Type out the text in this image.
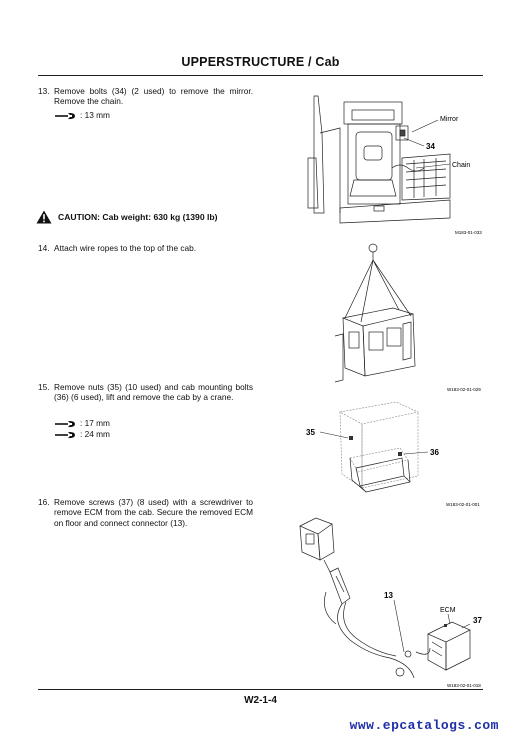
UPPERSTRUCTURE / Cab
13. Remove bolts (34) (2 used) to remove the mirror. Remove the chain.
: 13 mm
CAUTION: Cab weight: 630 kg (1390 lb)
14. Attach wire ropes to the top of the cab.
15. Remove nuts (35) (10 used) and cab mounting bolts (36) (6 used), lift and remove the cab by a crane.
: 17 mm
: 24 mm
16. Remove screws (37) (8 used) with a screwdriver to remove ECM from the cab. Secure the removed ECM on floor and connect connector (13).
Mirror
34
Chain
M183-01-033
W183-02-01-029
35
36
W183-02-01-001
13
ECM
37
W183-02-01-018
W2-1-4
www.epcatalogs.com
